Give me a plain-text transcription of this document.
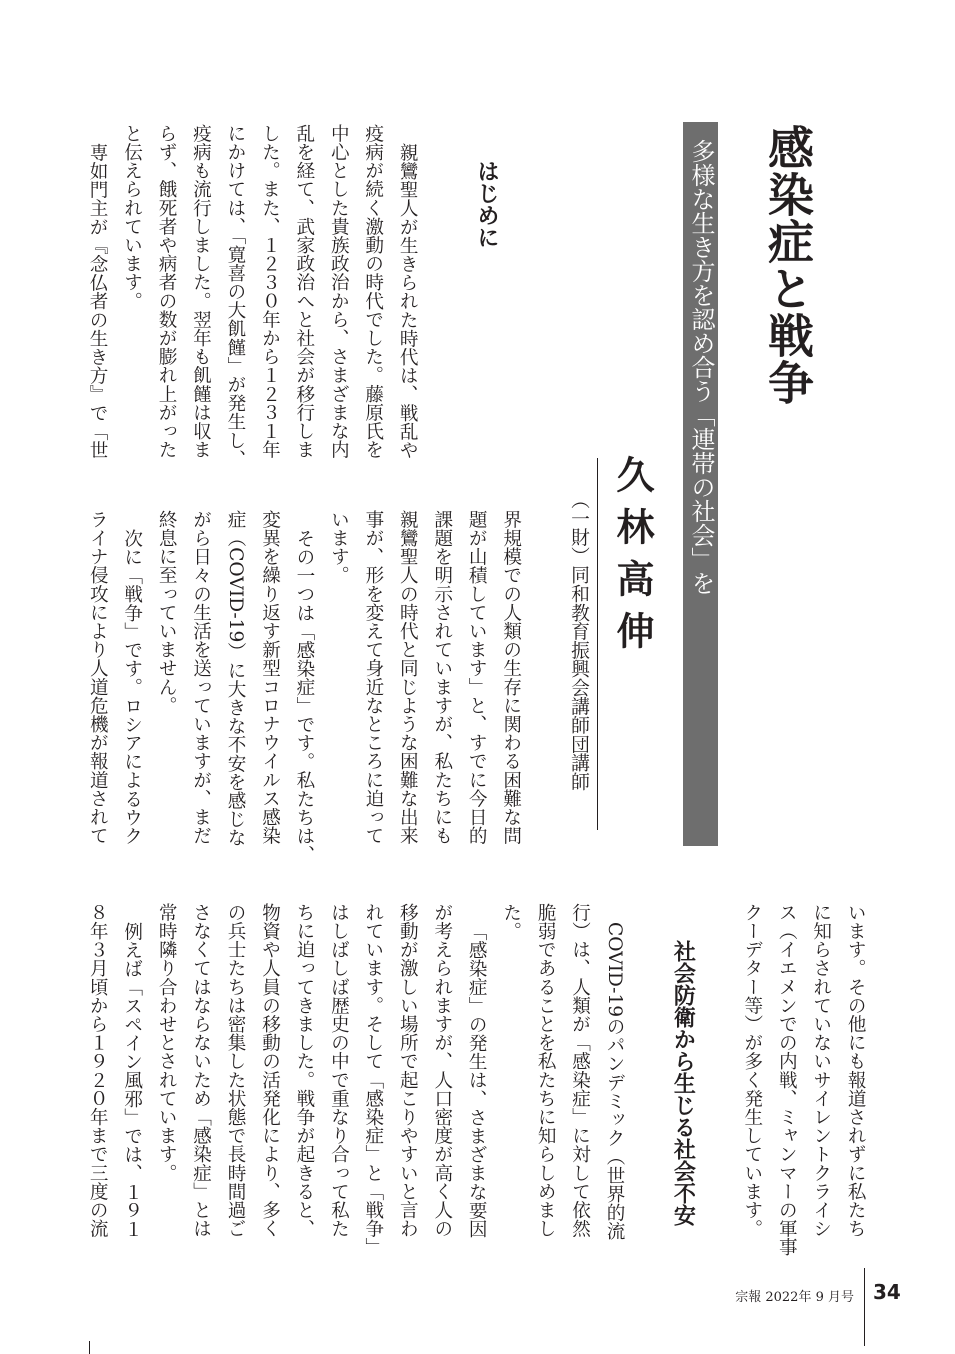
感染症と戦争
多様な生き方を認め合う「連帯の社会」を
久林高伸
（一財）同和教育振興会講師団講師
はじめに
親鸞聖人が生きられた時代は、戦乱や
疫病が続く激動の時代でした。藤原氏を
中心とした貴族政治から、さまざまな内
乱を経て、武家政治へと社会が移行しま
した。また、１２３０年から１２３１年
にかけては、「寛喜の大飢饉」が発生し、
疫病も流行しました。翌年も飢饉は収ま
らず、餓死者や病者の数が膨れ上がった
と伝えられています。
専如門主が『念仏者の生き方』で「世
界規模での人類の生存に関わる困難な問
題が山積しています」と、すでに今日的
課題を明示されていますが、私たちにも
親鸞聖人の時代と同じような困難な出来
事が、形を変えて身近なところに迫って
います。
その一つは「感染症」です。私たちは、
変異を繰り返す新型コロナウイルス感染
症（COVID-19）に大きな不安を感じな
がら日々の生活を送っていますが、まだ
終息に至っていません。
次に「戦争」です。ロシアによるウク
ライナ侵攻により人道危機が報道されて
います。その他にも報道されずに私たち
に知らされていないサイレントクライシ
ス（イエメンでの内戦、ミャンマーの軍事
クーデター等）が多く発生しています。
社会防衛から生じる社会不安
COVID-19のパンデミック（世界的流
行）は、人類が「感染症」に対して依然
脆弱であることを私たちに知らしめまし
た。
「感染症」の発生は、さまざまな要因
が考えられますが、人口密度が高く人の
移動が激しい場所で起こりやすいと言わ
れています。そして「感染症」と「戦争」
はしばしば歴史の中で重なり合って私た
ちに迫ってきました。戦争が起きると、
物資や人員の移動の活発化により、多く
の兵士たちは密集した状態で長時間過ご
さなくてはならないため「感染症」とは
常時隣り合わせとされています。
例えば「スペイン風邪」では、１９１
８年３月頃から１９２０年まで三度の流
宗報 2022年 9 月号 34
